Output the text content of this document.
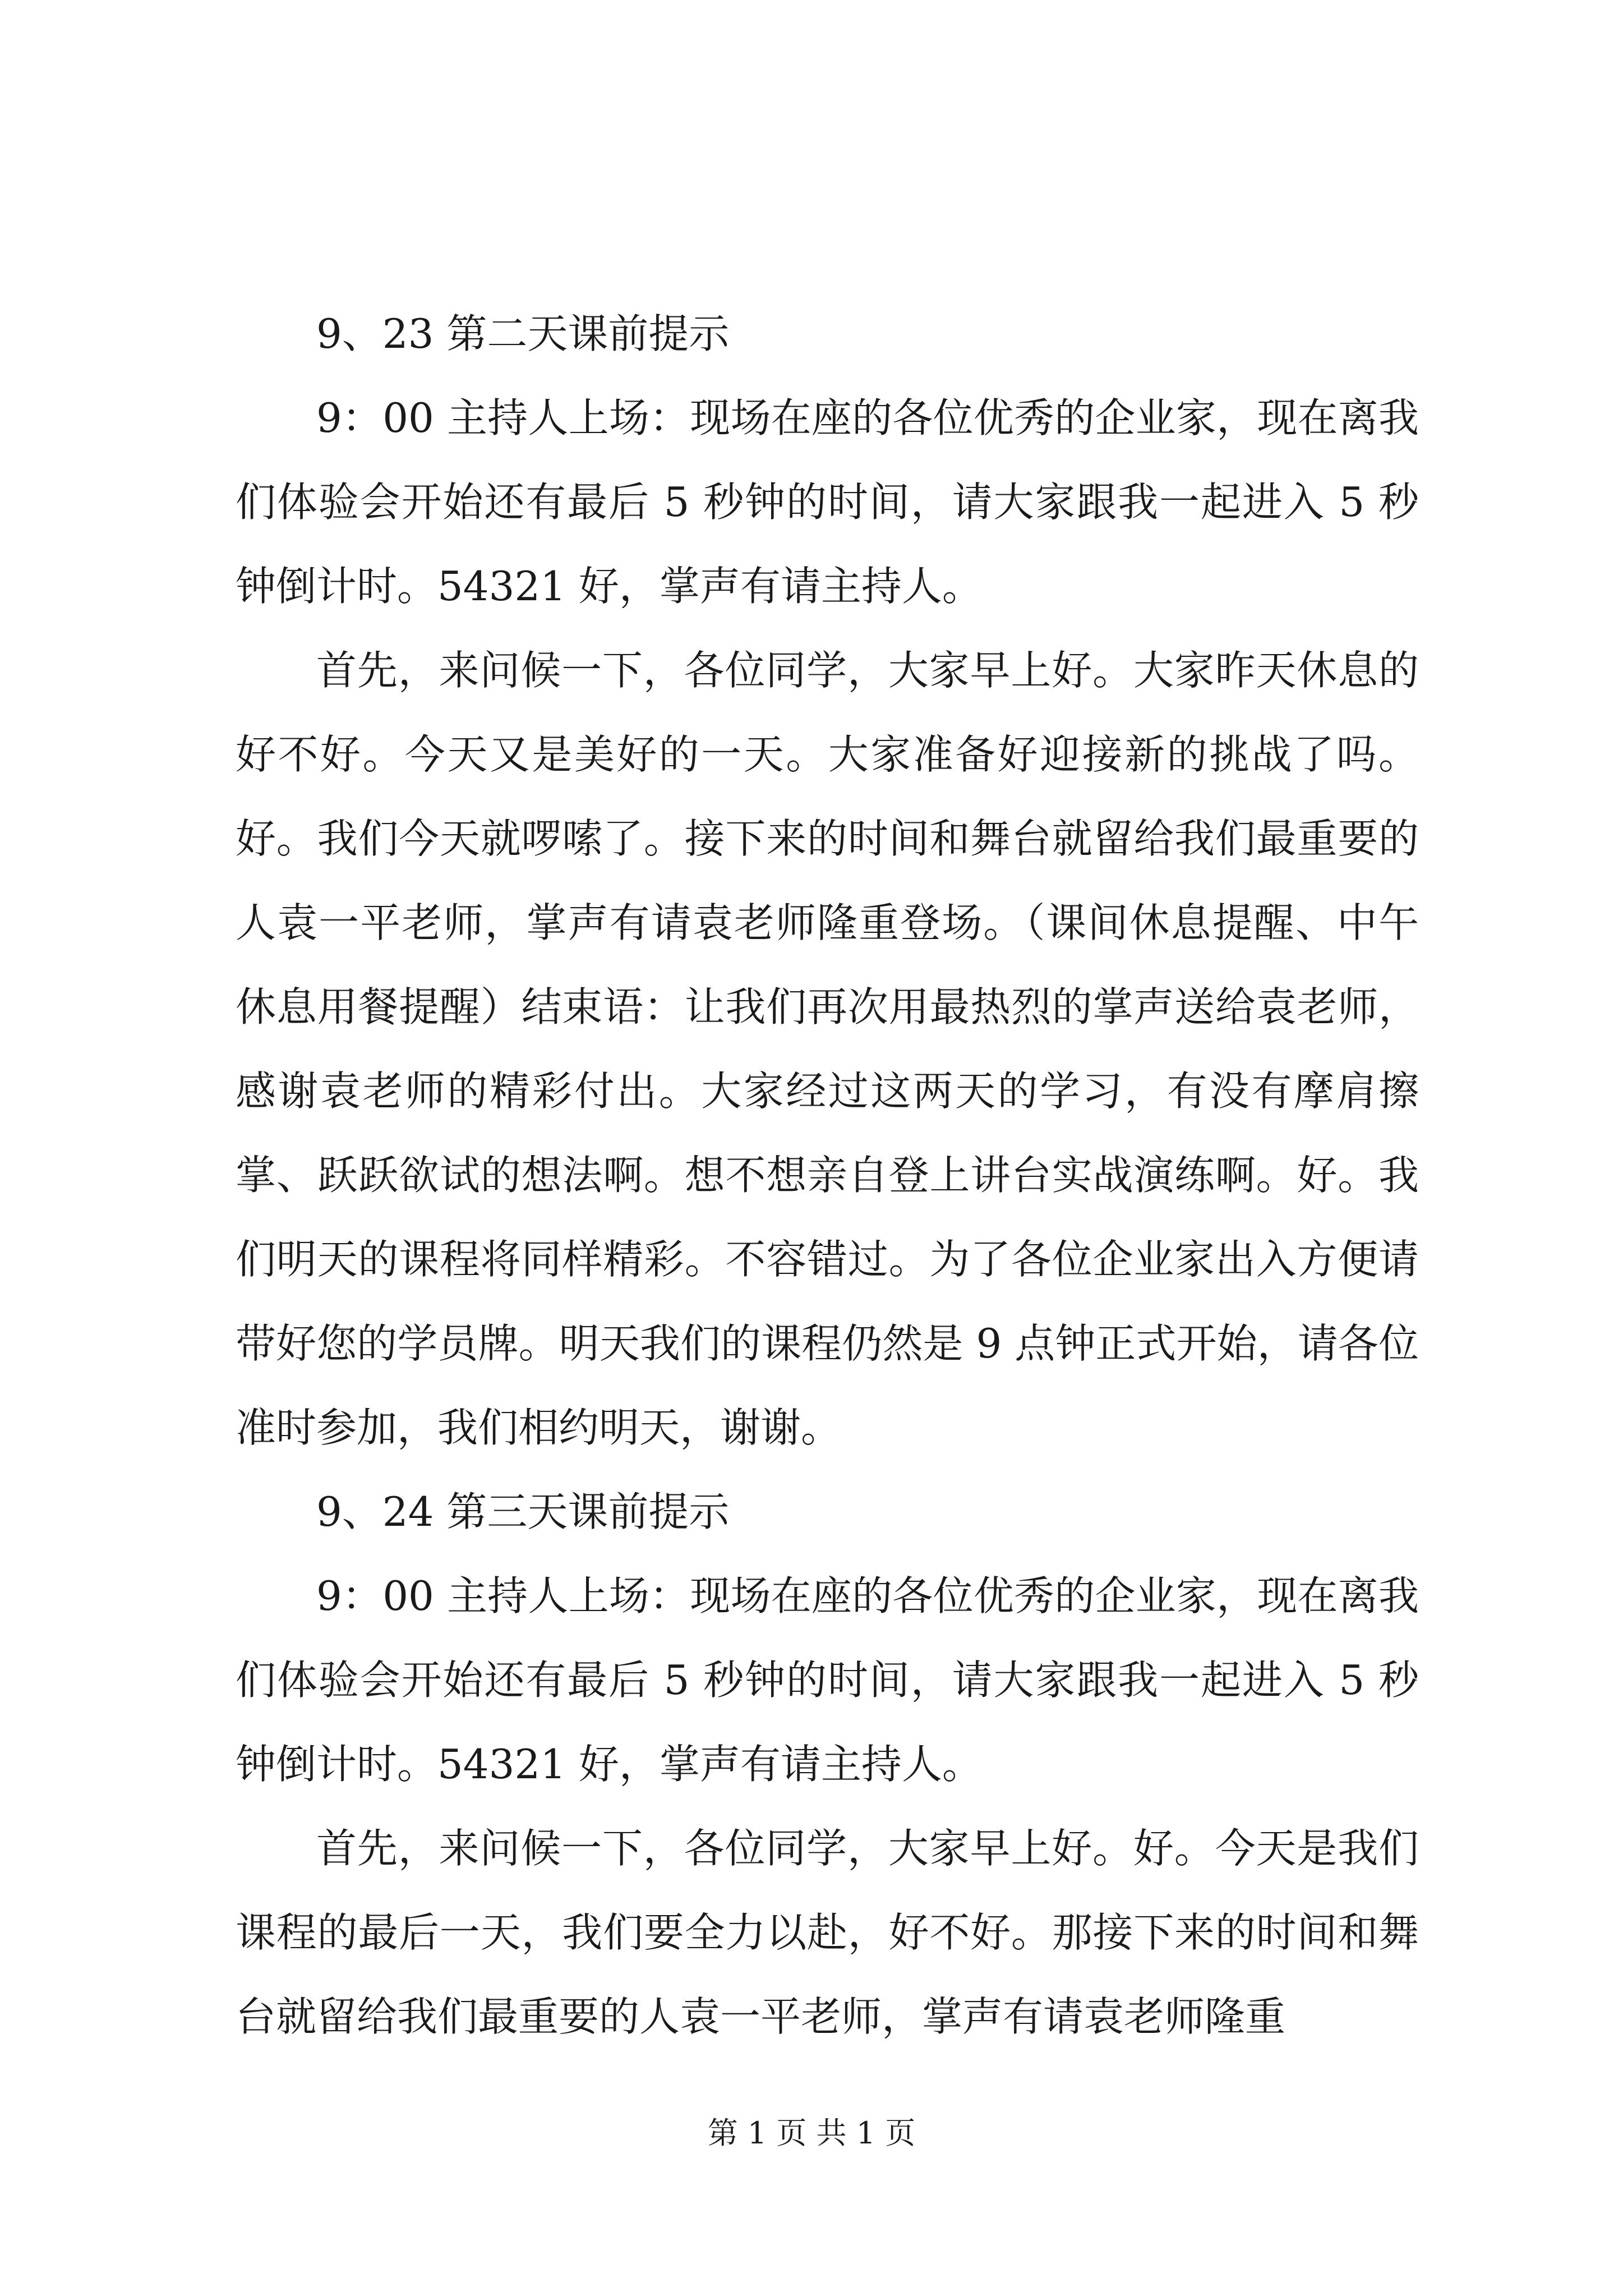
9、23 第二天课前提示

9：00 主持人上场：现场在座的各位优秀的企业家，现在离我们体验会开始还有最后 5 秒钟的时间，请大家跟我一起进入 5 秒钟倒计时。54321 好，掌声有请主持人。

首先，来问候一下，各位同学，大家早上好。大家昨天休息的好不好。今天又是美好的一天。大家准备好迎接新的挑战了吗。好。我们今天就啰嗦了。接下来的时间和舞台就留给我们最重要的人袁一平老师，掌声有请袁老师隆重登场。（课间休息提醒、中午休息用餐提醒）结束语：让我们再次用最热烈的掌声送给袁老师，感谢袁老师的精彩付出。大家经过这两天的学习，有没有摩肩擦掌、跃跃欲试的想法啊。想不想亲自登上讲台实战演练啊。好。我们明天的课程将同样精彩。不容错过。为了各位企业家出入方便请带好您的学员牌。明天我们的课程仍然是 9 点钟正式开始，请各位准时参加，我们相约明天，谢谢。

9、24 第三天课前提示

9：00 主持人上场：现场在座的各位优秀的企业家，现在离我们体验会开始还有最后 5 秒钟的时间，请大家跟我一起进入 5 秒钟倒计时。54321 好，掌声有请主持人。

首先，来问候一下，各位同学，大家早上好。好。今天是我们课程的最后一天，我们要全力以赴，好不好。那接下来的时间和舞台就留给我们最重要的人袁一平老师，掌声有请袁老师隆重

第 1 页 共 1 页
